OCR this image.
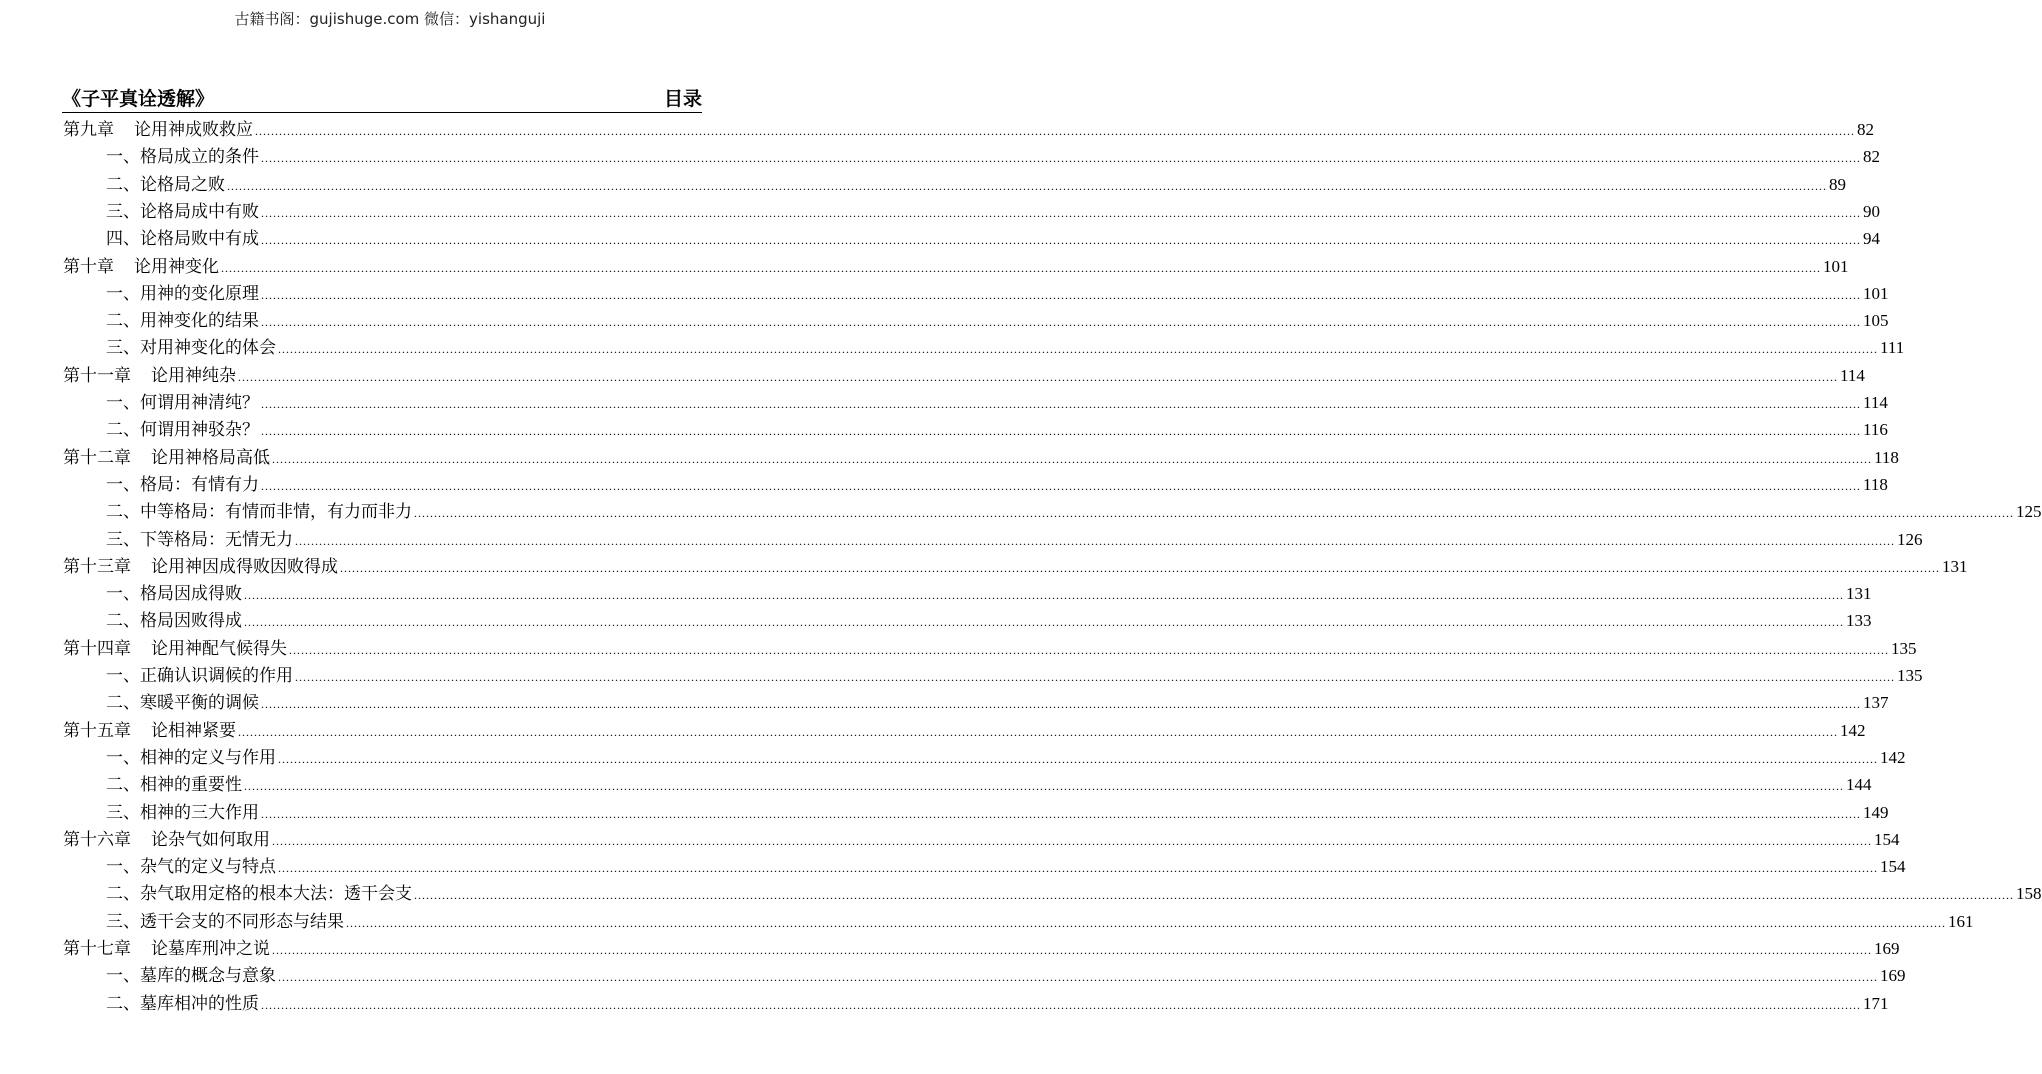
古籍书阁：gujishuge.com 微信：yishanguji
《子平真诠透解》	目录
第九章 论用神成败救应 ................................................................................................................................................................................................................................................................................................................................................................................................................ 82
一、 格局成立的条件 ................................................................................................................................................................................................................................................................................................................................................................................................................ 82
二、 论格局之败 ................................................................................................................................................................................................................................................................................................................................................................................................................ 89
三、 论格局成中有败 ................................................................................................................................................................................................................................................................................................................................................................................................................ 90
四、 论格局败中有成 ................................................................................................................................................................................................................................................................................................................................................................................................................ 94
第十章 论用神变化 ................................................................................................................................................................................................................................................................................................................................................................................................................ 101
一、 用神的变化原理 ................................................................................................................................................................................................................................................................................................................................................................................................................ 101
二、 用神变化的结果 ................................................................................................................................................................................................................................................................................................................................................................................................................ 105
三、 对用神变化的体会 ................................................................................................................................................................................................................................................................................................................................................................................................................ 111
第十一章 论用神纯杂 ................................................................................................................................................................................................................................................................................................................................................................................................................ 114
一、 何谓用神清纯？ ................................................................................................................................................................................................................................................................................................................................................................................................................ 114
二、 何谓用神驳杂？ ................................................................................................................................................................................................................................................................................................................................................................................................................ 116
第十二章 论用神格局高低 ................................................................................................................................................................................................................................................................................................................................................................................................................ 118
一、 格局：有情有力 ................................................................................................................................................................................................................................................................................................................................................................................................................ 118
二、 中等格局：有情而非情，有力而非力 ................................................................................................................................................................................................................................................................................................................................................................................................................ 125
三、 下等格局：无情无力 ................................................................................................................................................................................................................................................................................................................................................................................................................ 126
第十三章 论用神因成得败因败得成 ................................................................................................................................................................................................................................................................................................................................................................................................................ 131
一、 格局因成得败 ................................................................................................................................................................................................................................................................................................................................................................................................................ 131
二、 格局因败得成 ................................................................................................................................................................................................................................................................................................................................................................................................................ 133
第十四章 论用神配气候得失 ................................................................................................................................................................................................................................................................................................................................................................................................................ 135
一、 正确认识调候的作用 ................................................................................................................................................................................................................................................................................................................................................................................................................ 135
二、 寒暖平衡的调候 ................................................................................................................................................................................................................................................................................................................................................................................................................ 137
第十五章 论相神紧要 ................................................................................................................................................................................................................................................................................................................................................................................................................ 142
一、 相神的定义与作用 ................................................................................................................................................................................................................................................................................................................................................................................................................ 142
二、 相神的重要性 ................................................................................................................................................................................................................................................................................................................................................................................................................ 144
三、 相神的三大作用 ................................................................................................................................................................................................................................................................................................................................................................................................................ 149
第十六章 论杂气如何取用 ................................................................................................................................................................................................................................................................................................................................................................................................................ 154
一、 杂气的定义与特点 ................................................................................................................................................................................................................................................................................................................................................................................................................ 154
二、 杂气取用定格的根本大法：透干会支 ................................................................................................................................................................................................................................................................................................................................................................................................................ 158
三、 透干会支的不同形态与结果 ................................................................................................................................................................................................................................................................................................................................................................................................................ 161
第十七章 论墓库刑冲之说 ................................................................................................................................................................................................................................................................................................................................................................................................................ 169
一、 墓库的概念与意象 ................................................................................................................................................................................................................................................................................................................................................................................................................ 169
二、 墓库相冲的性质 ................................................................................................................................................................................................................................................................................................................................................................................................................ 171
